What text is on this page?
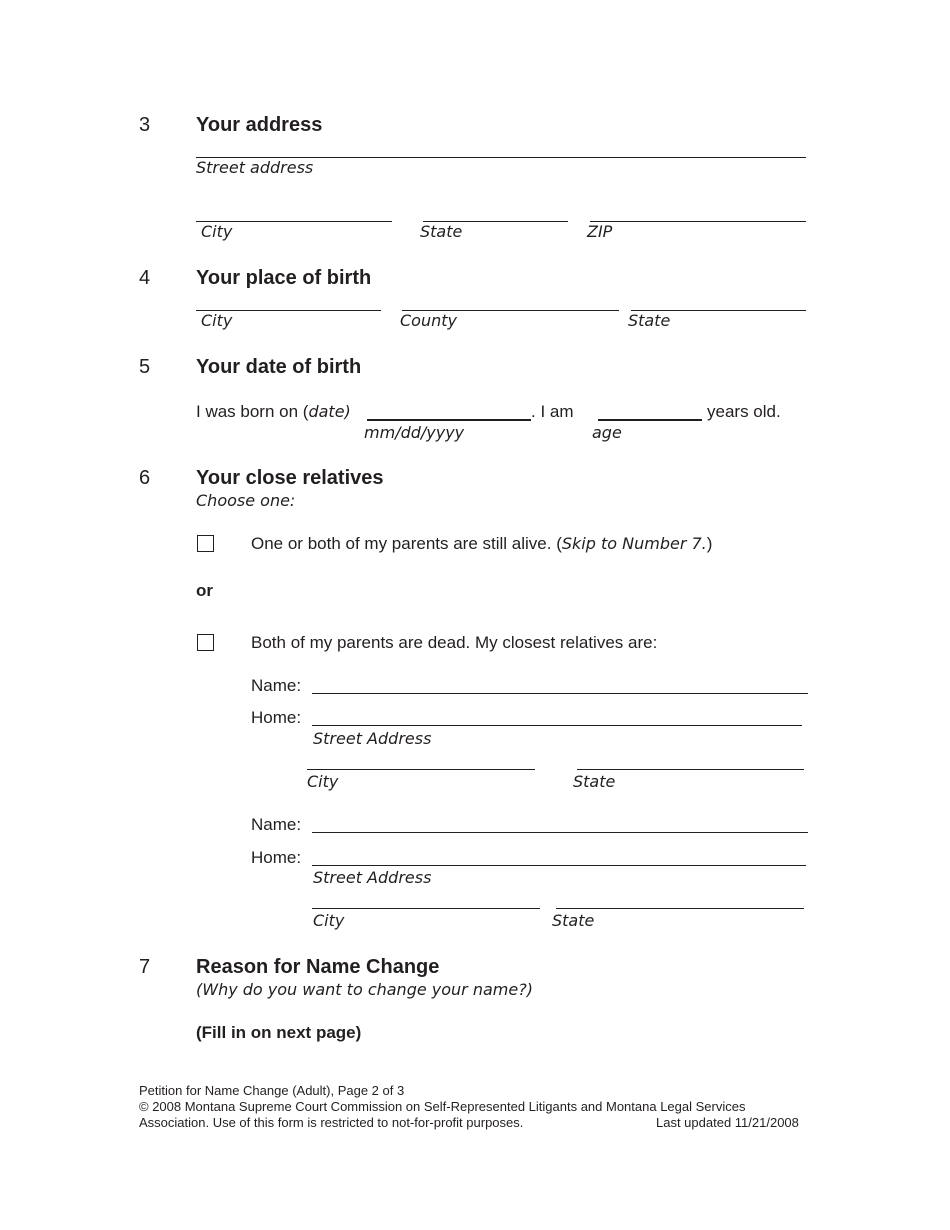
3 Your address
Street address
City	State	ZIP
4 Your place of birth
City	County	State
5 Your date of birth
I was born on (date)	. I am	years old.
mm/dd/yyyy	age
6 Your close relatives
Choose one:
One or both of my parents are still alive. (Skip to Number 7.)
or
Both of my parents are dead. My closest relatives are:
Name:
Home:
Street Address
City	State
Name:
Home:
Street Address
City	State
7 Reason for Name Change
(Why do you want to change your name?)
(Fill in on next page)
Petition for Name Change (Adult), Page 2 of 3
© 2008 Montana Supreme Court Commission on Self-Represented Litigants and Montana Legal Services
Association. Use of this form is restricted to not-for-profit purposes.	Last updated 11/21/2008
